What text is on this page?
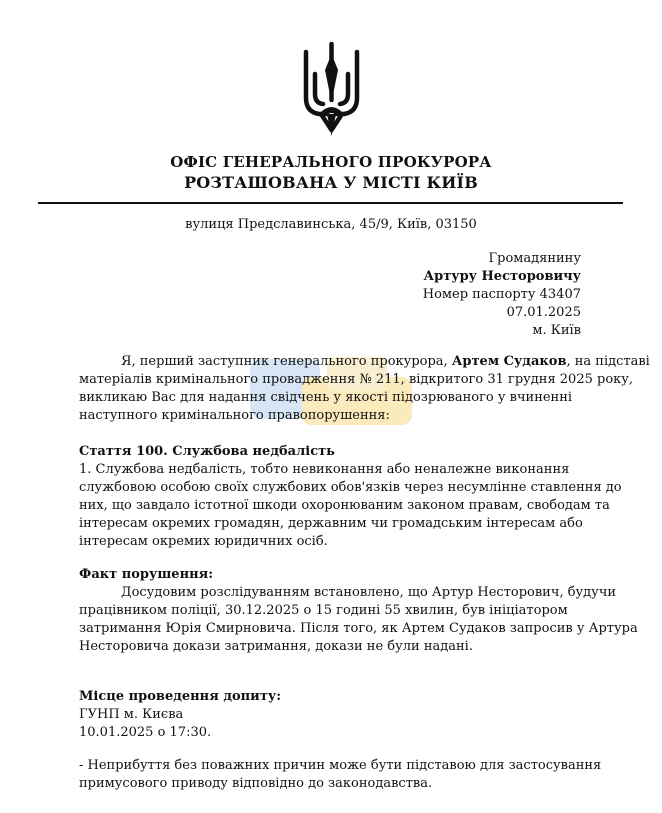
ОФІС ГЕНЕРАЛЬНОГО ПРОКУРОРА
РОЗТАШОВАНА У МІСТІ КИЇВ
вулиця Предславинська, 45/9, Київ, 03150
Громадянину
Артуру Несторовичу
Номер паспорту 43407
07.01.2025
м. Київ
Я, перший заступник генерального прокурора, Артем Судаков, на підставі
матеріалів кримінального провадження № 211, відкритого 31 грудня 2025 року,
викликаю Вас для надання свідчень у якості підозрюваного у вчиненні
наступного кримінального правопорушення:
Стаття 100. Службова недбалість
1. Службова недбалість, тобто невиконання або неналежне виконання
службовою особою своїх службових обов'язків через несумлінне ставлення до
них, що завдало істотної шкоди охоронюваним законом правам, свободам та
інтересам окремих громадян, державним чи громадським інтересам або
інтересам окремих юридичних осіб.
Факт порушення:
Досудовим розслідуванням встановлено, що Артур Несторович, будучи
працівником поліції, 30.12.2025 о 15 годині 55 хвилин, був ініціатором
затримання Юрія Смирновича. Після того, як Артем Судаков запросив у Артура
Несторовича докази затримання, докази не були надані.
Місце проведення допиту:
ГУНП м. Києва
10.01.2025 о 17:30.
- Неприбуття без поважних причин може бути підставою для застосування
примусового приводу відповідно до законодавства.
